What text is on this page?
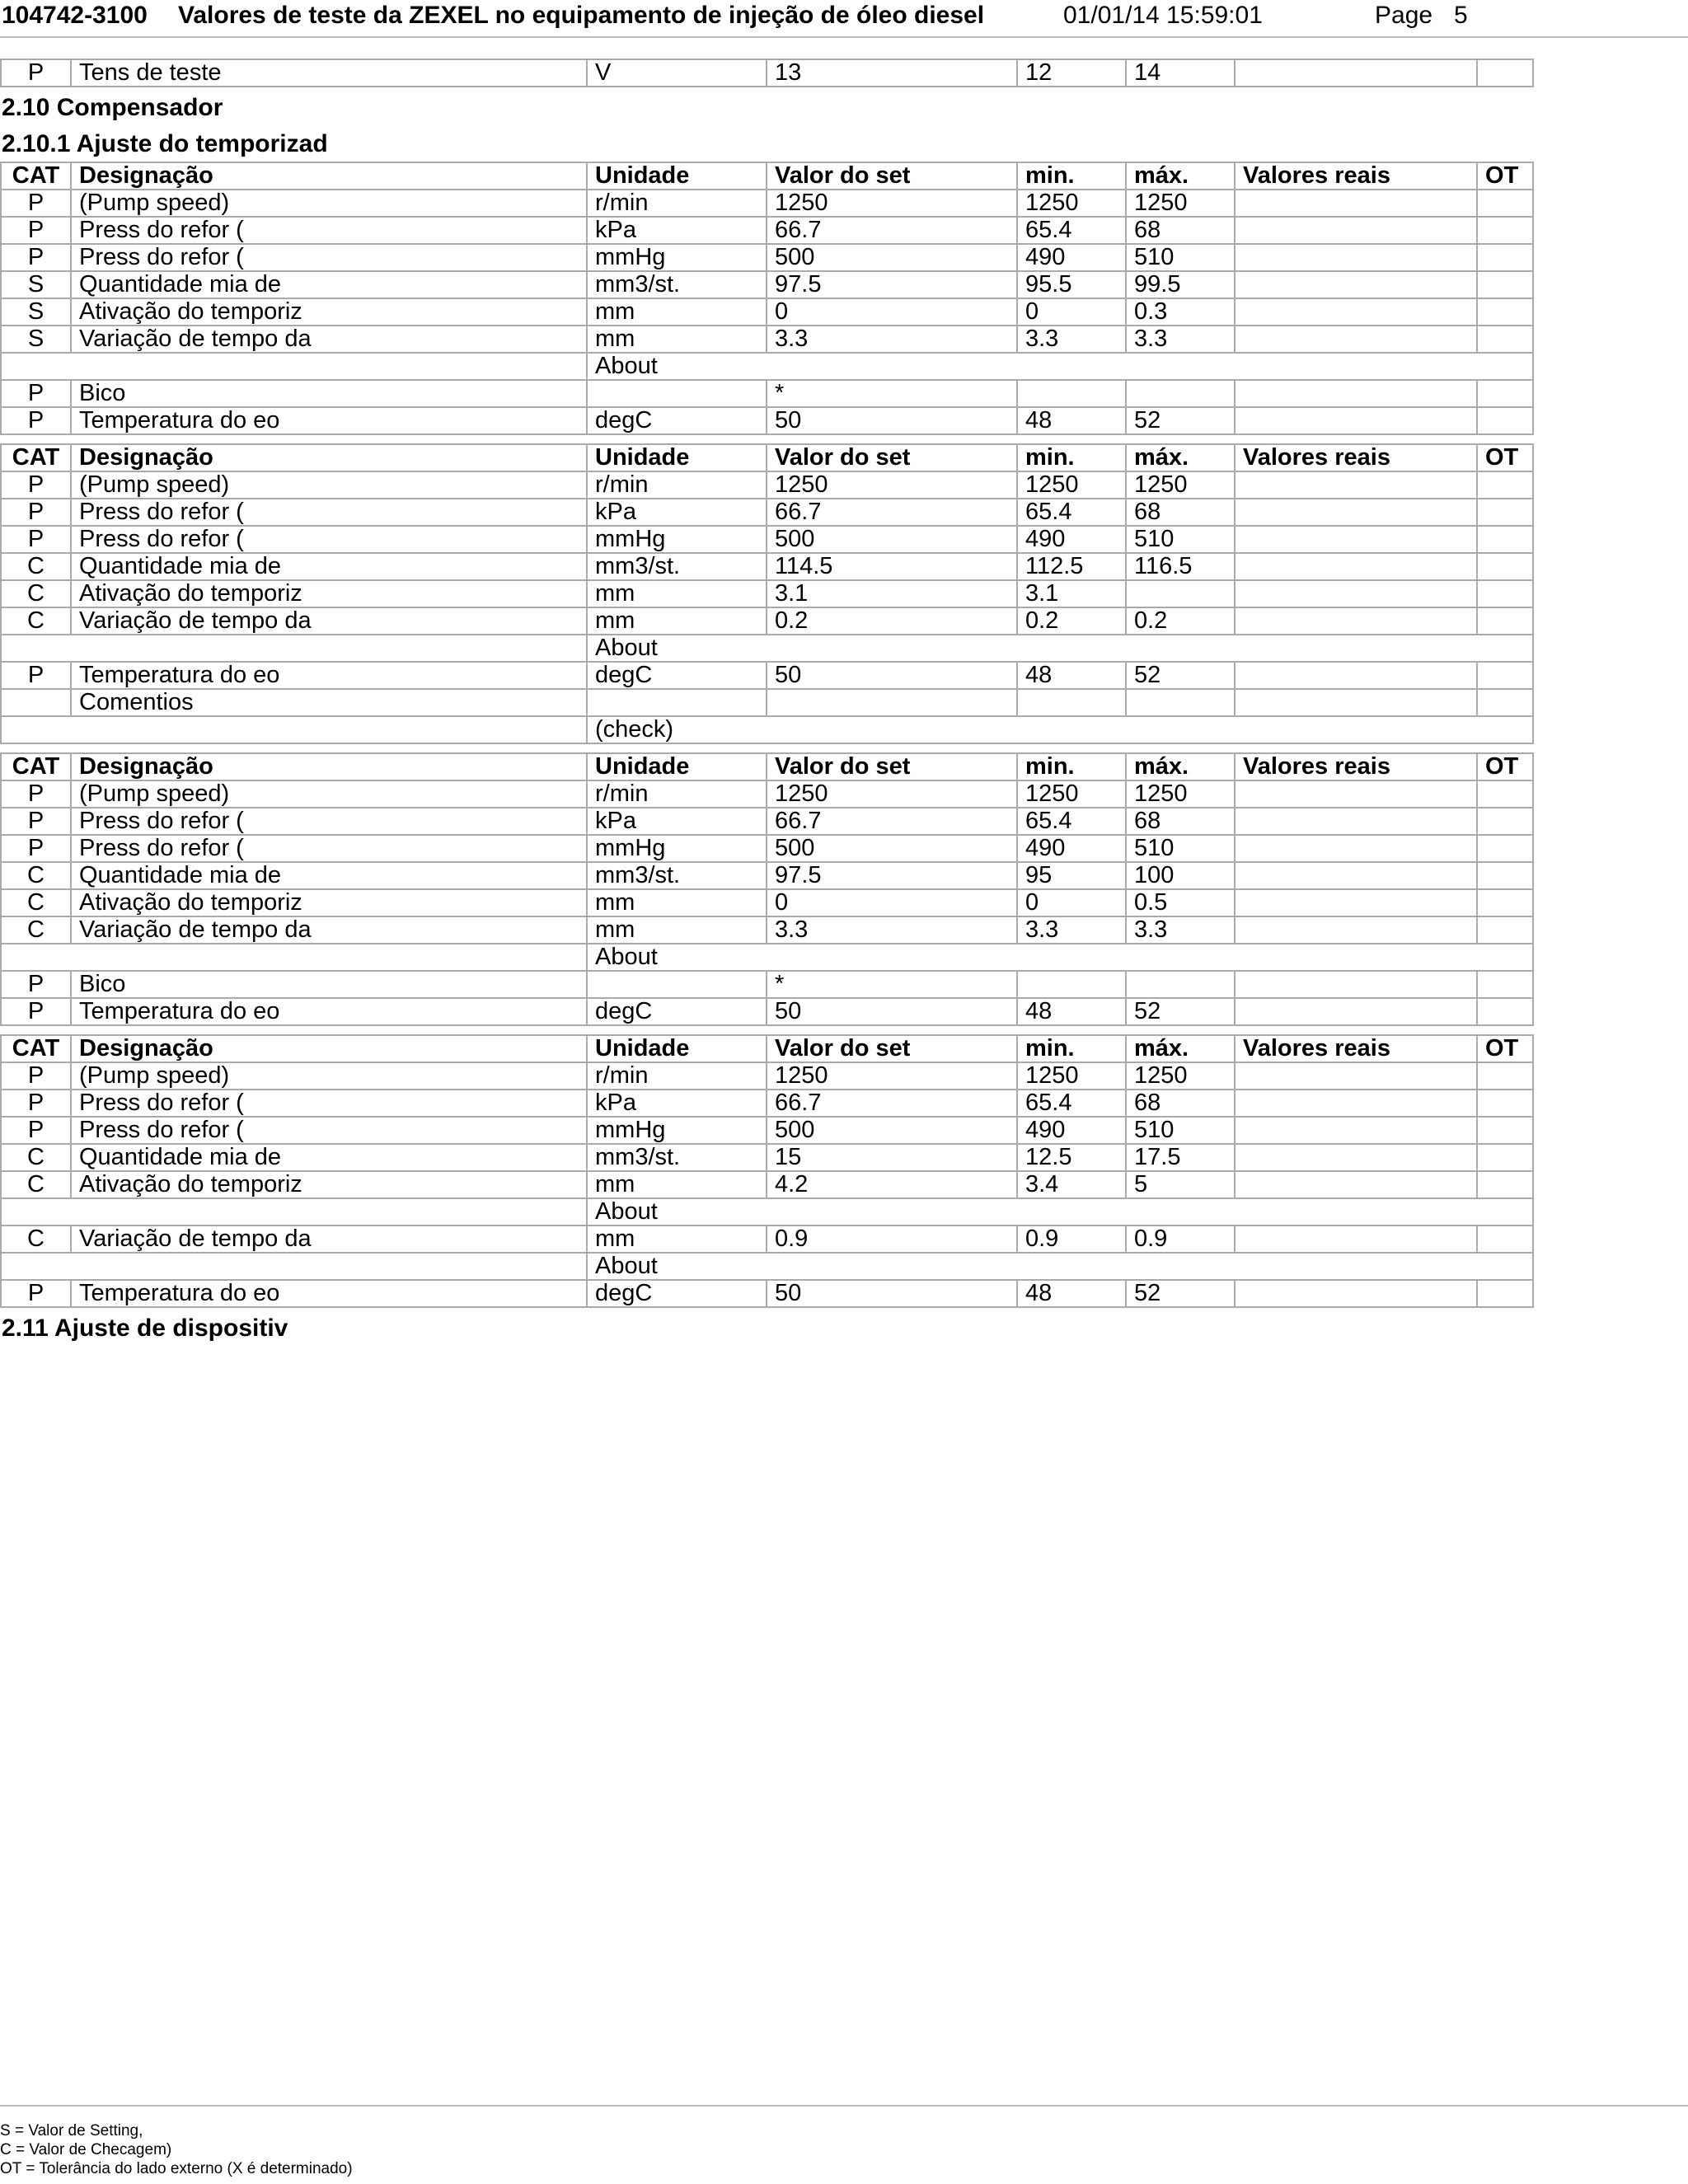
104742-3100 Valores de teste da ZEXEL no equipamento de injeção de óleo diesel	01/01/14 15:59:01	Page 5
P	Tens de teste	V	13	12	14		
2.10 Compensador
2.10.1 Ajuste do temporizad
CAT	Designação	Unidade	Valor do set	min.	máx.	Valores reais	OT
P	(Pump speed)	r/min	1250	1250	1250		
P	Press do refor (	kPa	66.7	65.4	68		
P	Press do refor (	mmHg	500	490	510		
S	Quantidade mia de	mm3/st.	97.5	95.5	99.5		
S	Ativação do temporiz	mm	0	0	0.3		
S	Variação de tempo da	mm	3.3	3.3	3.3		
		About					
P	Bico		*				
P	Temperatura do eo	degC	50	48	52		
CAT	Designação	Unidade	Valor do set	min.	máx.	Valores reais	OT
P	(Pump speed)	r/min	1250	1250	1250		
P	Press do refor (	kPa	66.7	65.4	68		
P	Press do refor (	mmHg	500	490	510		
C	Quantidade mia de	mm3/st.	114.5	112.5	116.5		
C	Ativação do temporiz	mm	3.1	3.1			
C	Variação de tempo da	mm	0.2	0.2	0.2		
		About					
P	Temperatura do eo	degC	50	48	52		
	Comentios						
		(check)					
CAT	Designação	Unidade	Valor do set	min.	máx.	Valores reais	OT
P	(Pump speed)	r/min	1250	1250	1250		
P	Press do refor (	kPa	66.7	65.4	68		
P	Press do refor (	mmHg	500	490	510		
C	Quantidade mia de	mm3/st.	97.5	95	100		
C	Ativação do temporiz	mm	0	0	0.5		
C	Variação de tempo da	mm	3.3	3.3	3.3		
		About					
P	Bico		*				
P	Temperatura do eo	degC	50	48	52		
CAT	Designação	Unidade	Valor do set	min.	máx.	Valores reais	OT
P	(Pump speed)	r/min	1250	1250	1250		
P	Press do refor (	kPa	66.7	65.4	68		
P	Press do refor (	mmHg	500	490	510		
C	Quantidade mia de	mm3/st.	15	12.5	17.5		
C	Ativação do temporiz	mm	4.2	3.4	5		
		About					
C	Variação de tempo da	mm	0.9	0.9	0.9		
		About					
P	Temperatura do eo	degC	50	48	52		
2.11 Ajuste de dispositiv
S = Valor de Setting,
C = Valor de Checagem)
OT = Tolerância do lado externo (X é determinado)
